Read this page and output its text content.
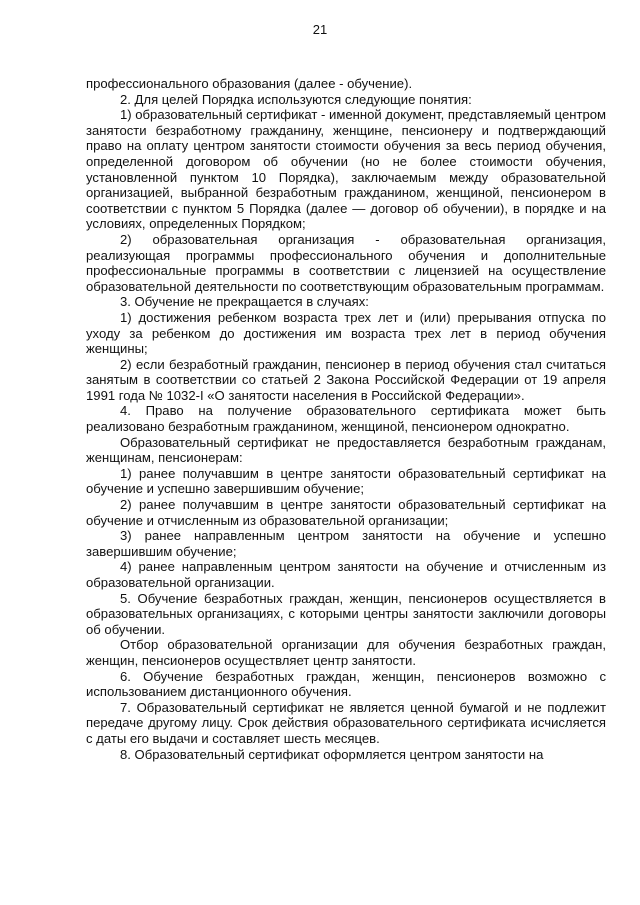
21

профессионального образования (далее - обучение).

2. Для целей Порядка используются следующие понятия:

1) образовательный сертификат - именной документ, представляемый центром занятости безработному гражданину, женщине, пенсионеру и подтверждающий право на оплату центром занятости стоимости обучения за весь период обучения, определенной договором об обучении (но не более стоимости обучения, установленной пунктом 10 Порядка), заключаемым между образовательной организацией, выбранной безработным гражданином, женщиной, пенсионером в соответствии с пунктом 5 Порядка (далее — договор об обучении), в порядке и на условиях, определенных Порядком;

2) образовательная организация - образовательная организация, реализующая программы профессионального обучения и дополнительные профессиональные программы в соответствии с лицензией на осуществление образовательной деятельности по соответствующим образовательным программам.

3. Обучение не прекращается в случаях:

1) достижения ребенком возраста трех лет и (или) прерывания отпуска по уходу за ребенком до достижения им возраста трех лет в период обучения женщины;

2) если безработный гражданин, пенсионер в период обучения стал считаться занятым в соответствии со статьей 2 Закона Российской Федерации от 19 апреля 1991 года № 1032-I «О занятости населения в Российской Федерации».

4. Право на получение образовательного сертификата может быть реализовано безработным гражданином, женщиной, пенсионером однократно.

Образовательный сертификат не предоставляется безработным гражданам, женщинам, пенсионерам:

1) ранее получавшим в центре занятости образовательный сертификат на обучение и успешно завершившим обучение;

2) ранее получавшим в центре занятости образовательный сертификат на обучение и отчисленным из образовательной организации;

3) ранее направленным центром занятости на обучение и успешно завершившим обучение;

4) ранее направленным центром занятости на обучение и отчисленным из образовательной организации.

5. Обучение безработных граждан, женщин, пенсионеров осуществляется в образовательных организациях, с которыми центры занятости заключили договоры об обучении.

Отбор образовательной организации для обучения безработных граждан, женщин, пенсионеров осуществляет центр занятости.

6. Обучение безработных граждан, женщин, пенсионеров возможно с использованием дистанционного обучения.

7. Образовательный сертификат не является ценной бумагой и не подлежит передаче другому лицу. Срок действия образовательного сертификата исчисляется с даты его выдачи и составляет шесть месяцев.

8. Образовательный сертификат оформляется центром занятости на
